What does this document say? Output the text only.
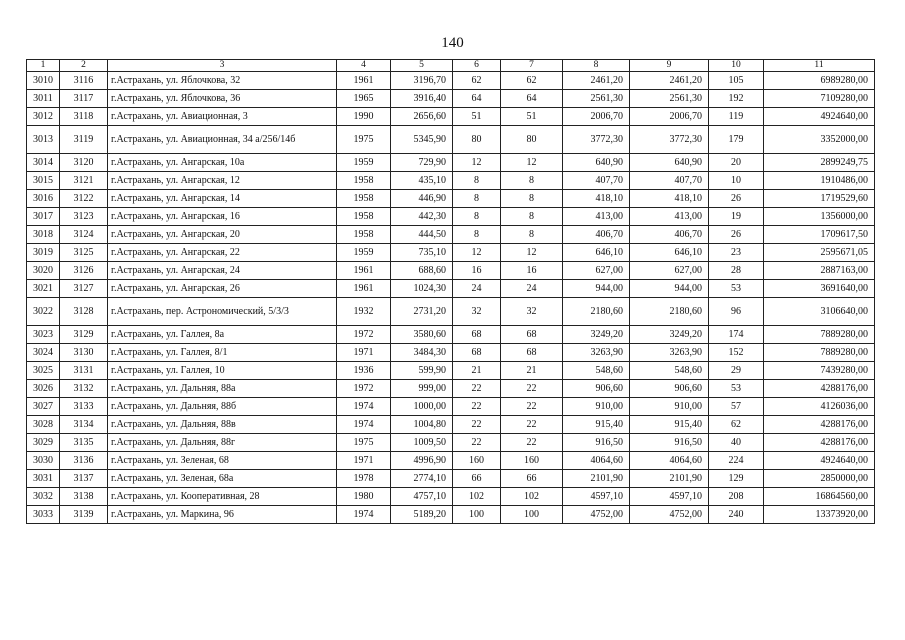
140
1	2	3	4	5	6	7	8	9	10	11
3010	3116	г.Астрахань, ул. Яблочкова, 32	1961	3196,70	62	62	2461,20	2461,20	105	6989280,00
3011	3117	г.Астрахань, ул. Яблочкова, 36	1965	3916,40	64	64	2561,30	2561,30	192	7109280,00
3012	3118	г.Астрахань, ул. Авиационная, 3	1990	2656,60	51	51	2006,70	2006,70	119	4924640,00
3013	3119	г.Астрахань, ул. Авиационная, 34 а/256/14б	1975	5345,90	80	80	3772,30	3772,30	179	3352000,00
3014	3120	г.Астрахань, ул. Ангарская, 10а	1959	729,90	12	12	640,90	640,90	20	2899249,75
3015	3121	г.Астрахань, ул. Ангарская, 12	1958	435,10	8	8	407,70	407,70	10	1910486,00
3016	3122	г.Астрахань, ул. Ангарская, 14	1958	446,90	8	8	418,10	418,10	26	1719529,60
3017	3123	г.Астрахань, ул. Ангарская, 16	1958	442,30	8	8	413,00	413,00	19	1356000,00
3018	3124	г.Астрахань, ул. Ангарская, 20	1958	444,50	8	8	406,70	406,70	26	1709617,50
3019	3125	г.Астрахань, ул. Ангарская, 22	1959	735,10	12	12	646,10	646,10	23	2595671,05
3020	3126	г.Астрахань, ул. Ангарская, 24	1961	688,60	16	16	627,00	627,00	28	2887163,00
3021	3127	г.Астрахань, ул. Ангарская, 26	1961	1024,30	24	24	944,00	944,00	53	3691640,00
3022	3128	г.Астрахань, пер. Астрономический, 5/3/3	1932	2731,20	32	32	2180,60	2180,60	96	3106640,00
3023	3129	г.Астрахань, ул. Галлея, 8а	1972	3580,60	68	68	3249,20	3249,20	174	7889280,00
3024	3130	г.Астрахань, ул. Галлея, 8/1	1971	3484,30	68	68	3263,90	3263,90	152	7889280,00
3025	3131	г.Астрахань, ул. Галлея, 10	1936	599,90	21	21	548,60	548,60	29	7439280,00
3026	3132	г.Астрахань, ул. Дальняя, 88а	1972	999,00	22	22	906,60	906,60	53	4288176,00
3027	3133	г.Астрахань, ул. Дальняя, 88б	1974	1000,00	22	22	910,00	910,00	57	4126036,00
3028	3134	г.Астрахань, ул. Дальняя, 88в	1974	1004,80	22	22	915,40	915,40	62	4288176,00
3029	3135	г.Астрахань, ул. Дальняя, 88г	1975	1009,50	22	22	916,50	916,50	40	4288176,00
3030	3136	г.Астрахань, ул. Зеленая, 68	1971	4996,90	160	160	4064,60	4064,60	224	4924640,00
3031	3137	г.Астрахань, ул. Зеленая, 68а	1978	2774,10	66	66	2101,90	2101,90	129	2850000,00
3032	3138	г.Астрахань, ул. Кооперативная, 28	1980	4757,10	102	102	4597,10	4597,10	208	16864560,00
3033	3139	г.Астрахань, ул. Маркина, 96	1974	5189,20	100	100	4752,00	4752,00	240	13373920,00
